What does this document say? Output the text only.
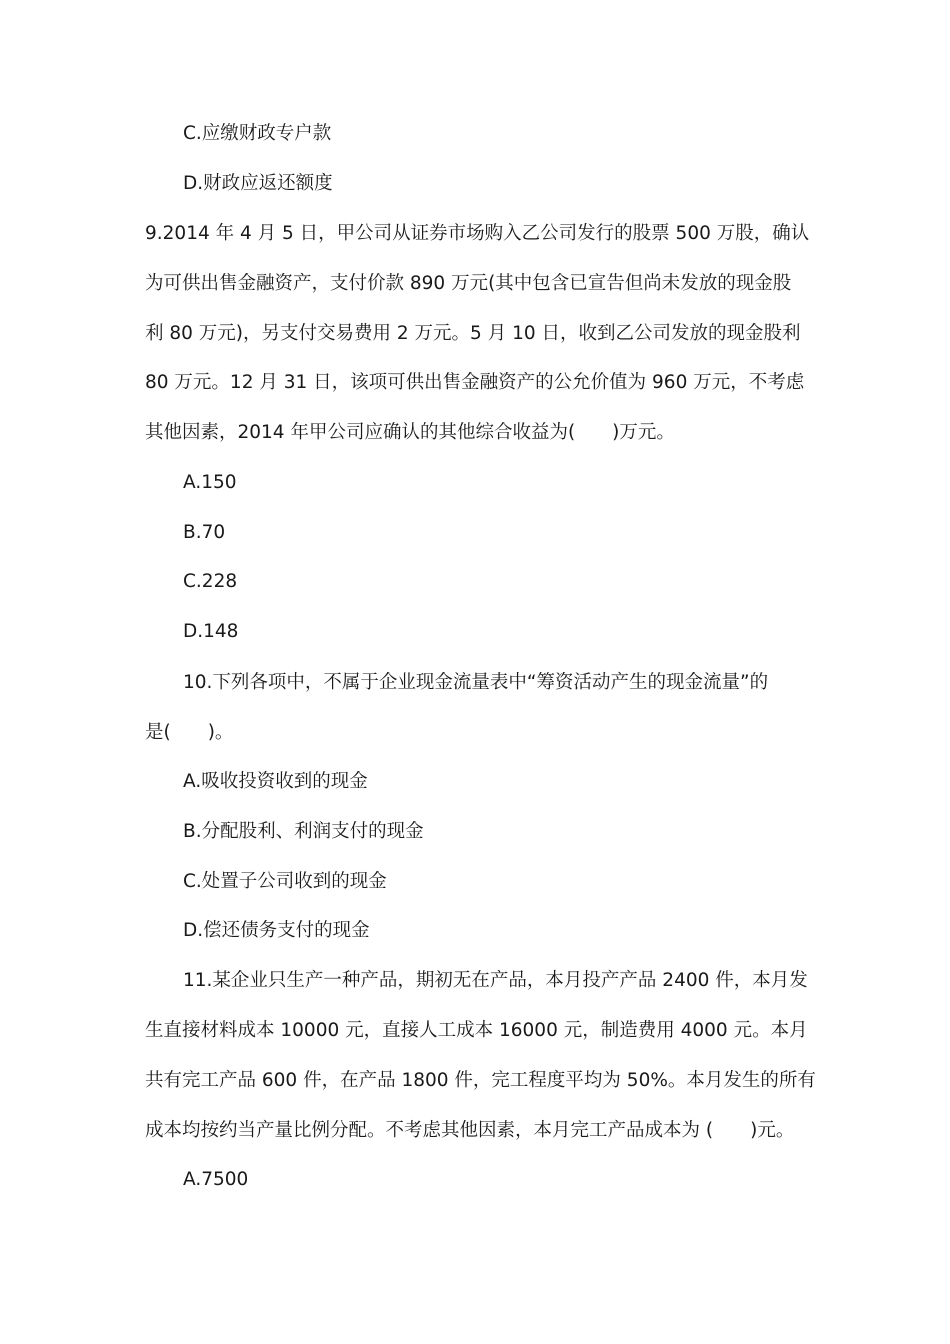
C.应缴财政专户款
D.财政应返还额度
9.2014 年 4 月 5 日，甲公司从证券市场购入乙公司发行的股票 500 万股，确认
为可供出售金融资产，支付价款 890 万元(其中包含已宣告但尚未发放的现金股
利 80 万元)，另支付交易费用 2 万元。5 月 10 日，收到乙公司发放的现金股利
80 万元。12 月 31 日，该项可供出售金融资产的公允价值为 960 万元，不考虑
其他因素，2014 年甲公司应确认的其他综合收益为(　　)万元。
A.150
B.70
C.228
D.148
10.下列各项中，不属于企业现金流量表中“筹资活动产生的现金流量”的
是(　　)。
A.吸收投资收到的现金
B.分配股利、利润支付的现金
C.处置子公司收到的现金
D.偿还债务支付的现金
11.某企业只生产一种产品，期初无在产品，本月投产产品 2400 件，本月发
生直接材料成本 10000 元，直接人工成本 16000 元，制造费用 4000 元。本月
共有完工产品 600 件，在产品 1800 件，完工程度平均为 50%。本月发生的所有
成本均按约当产量比例分配。不考虑其他因素，本月完工产品成本为 (　　)元。
A.7500
